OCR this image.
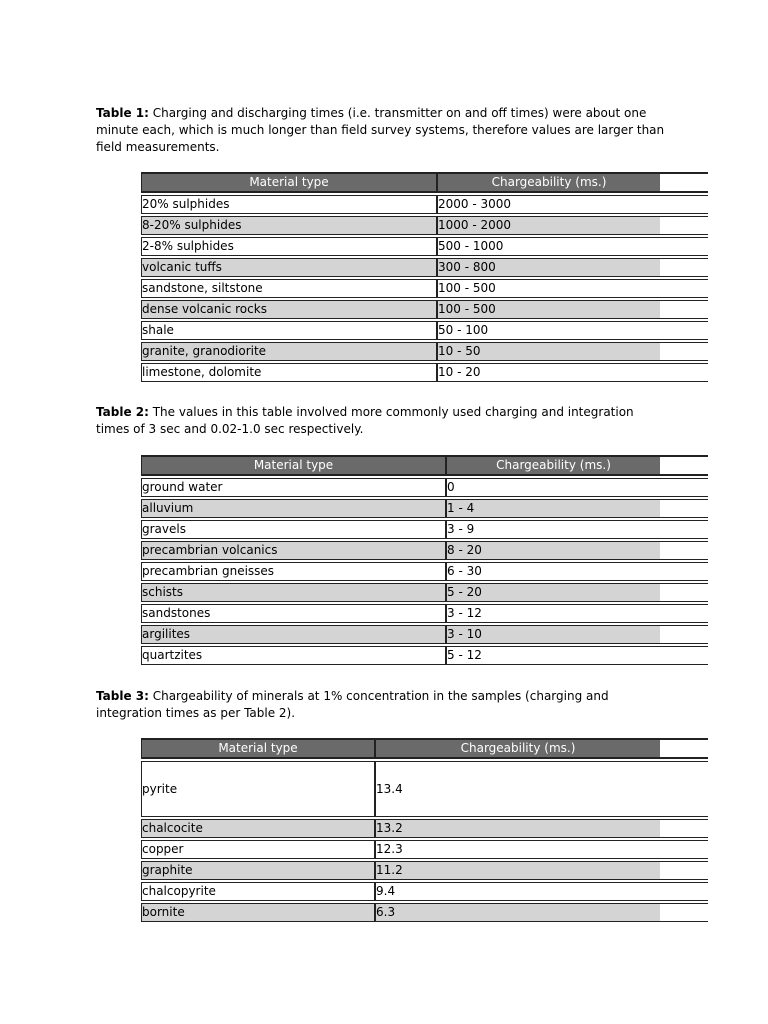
Table 1: Charging and discharging times (i.e. transmitter on and off times) were about one minute each, which is much longer than field survey systems, therefore values are larger than field measurements.

Material type	Chargeability (ms.)	
20% sulphides	2000 - 3000	
8-20% sulphides	1000 - 2000	
2-8% sulphides	500 - 1000	
volcanic tuffs	300 - 800	
sandstone, siltstone	100 - 500	
dense volcanic rocks	100 - 500	
shale	50 - 100	
granite, granodiorite	10 - 50	
limestone, dolomite	10 - 20	

Table 2: The values in this table involved more commonly used charging and integration times of 3 sec and 0.02-1.0 sec respectively.

Material type	Chargeability (ms.)	
ground water	0	
alluvium	1 - 4	
gravels	3 - 9	
precambrian volcanics	8 - 20	
precambrian gneisses	6 - 30	
schists	5 - 20	
sandstones	3 - 12	
argilites	3 - 10	
quartzites	5 - 12	

Table 3: Chargeability of minerals at 1% concentration in the samples (charging and integration times as per Table 2).

Material type	Chargeability (ms.)	
pyrite	13.4	
chalcocite	13.2	
copper	12.3	
graphite	11.2	
chalcopyrite	9.4	
bornite	6.3	
